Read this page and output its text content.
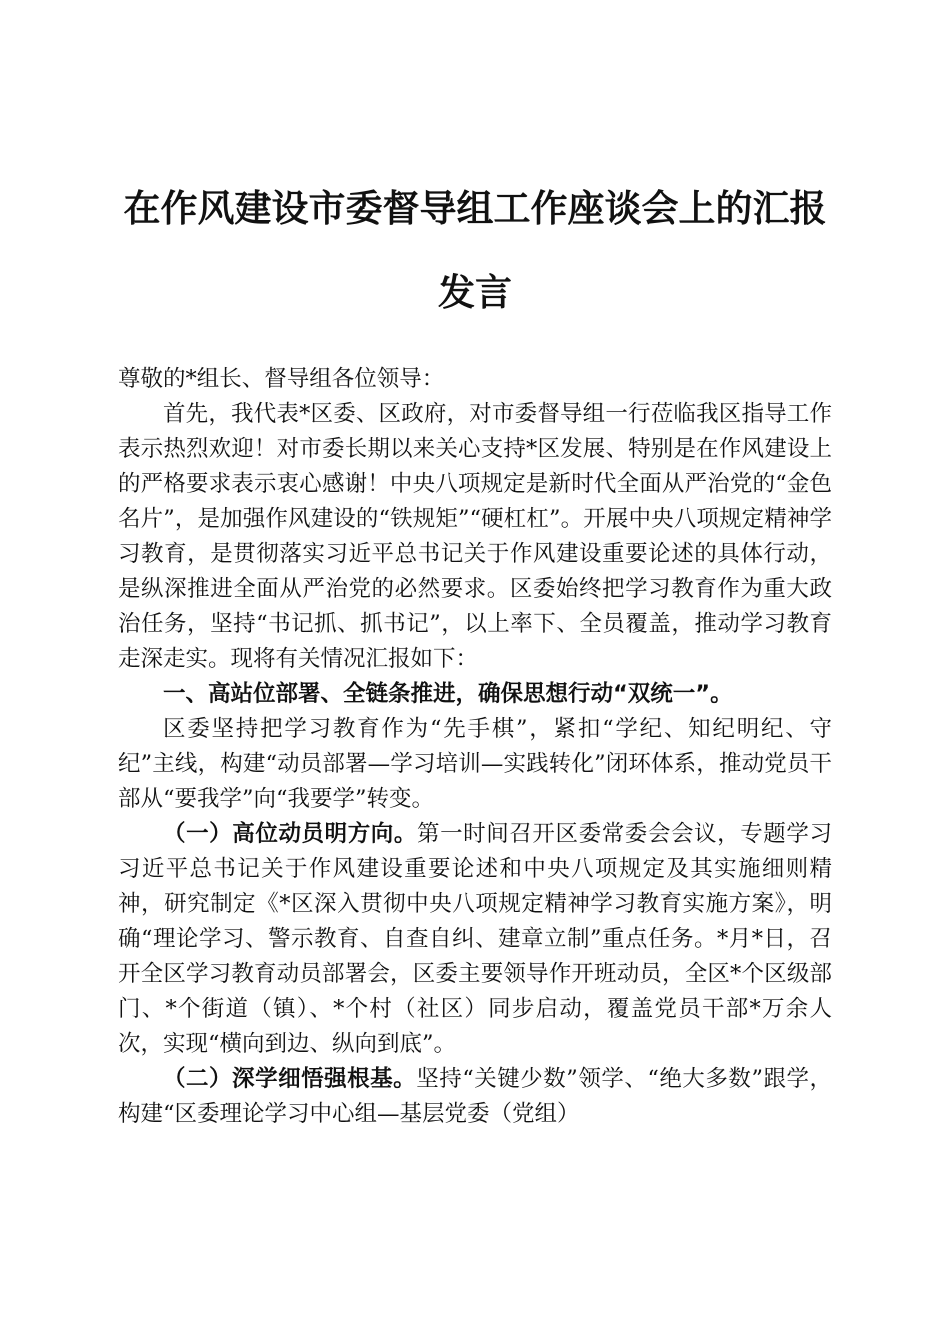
在作风建设市委督导组工作座谈会上的汇报发言

尊敬的*组长、督导组各位领导：

首先，我代表*区委、区政府，对市委督导组一行莅临我区指导工作表示热烈欢迎！对市委长期以来关心支持*区发展、特别是在作风建设上的严格要求表示衷心感谢！中央八项规定是新时代全面从严治党的“金色名片”，是加强作风建设的“铁规矩”“硬杠杠”。开展中央八项规定精神学习教育，是贯彻落实习近平总书记关于作风建设重要论述的具体行动，是纵深推进全面从严治党的必然要求。区委始终把学习教育作为重大政治任务，坚持“书记抓、抓书记”，以上率下、全员覆盖，推动学习教育走深走实。现将有关情况汇报如下：

一、高站位部署、全链条推进，确保思想行动“双统一”。

区委坚持把学习教育作为“先手棋”，紧扣“学纪、知纪明纪、守纪”主线，构建“动员部署—学习培训—实践转化”闭环体系，推动党员干部从“要我学”向“我要学”转变。

（一）高位动员明方向。第一时间召开区委常委会会议，专题学习习近平总书记关于作风建设重要论述和中央八项规定及其实施细则精神，研究制定《*区深入贯彻中央八项规定精神学习教育实施方案》，明确“理论学习、警示教育、自查自纠、建章立制”重点任务。*月*日，召开全区学习教育动员部署会，区委主要领导作开班动员，全区*个区级部门、*个街道（镇）、*个村（社区）同步启动，覆盖党员干部*万余人次，实现“横向到边、纵向到底”。

（二）深学细悟强根基。坚持“关键少数”领学、“绝大多数”跟学，构建“区委理论学习中心组—基层党委（党组）
